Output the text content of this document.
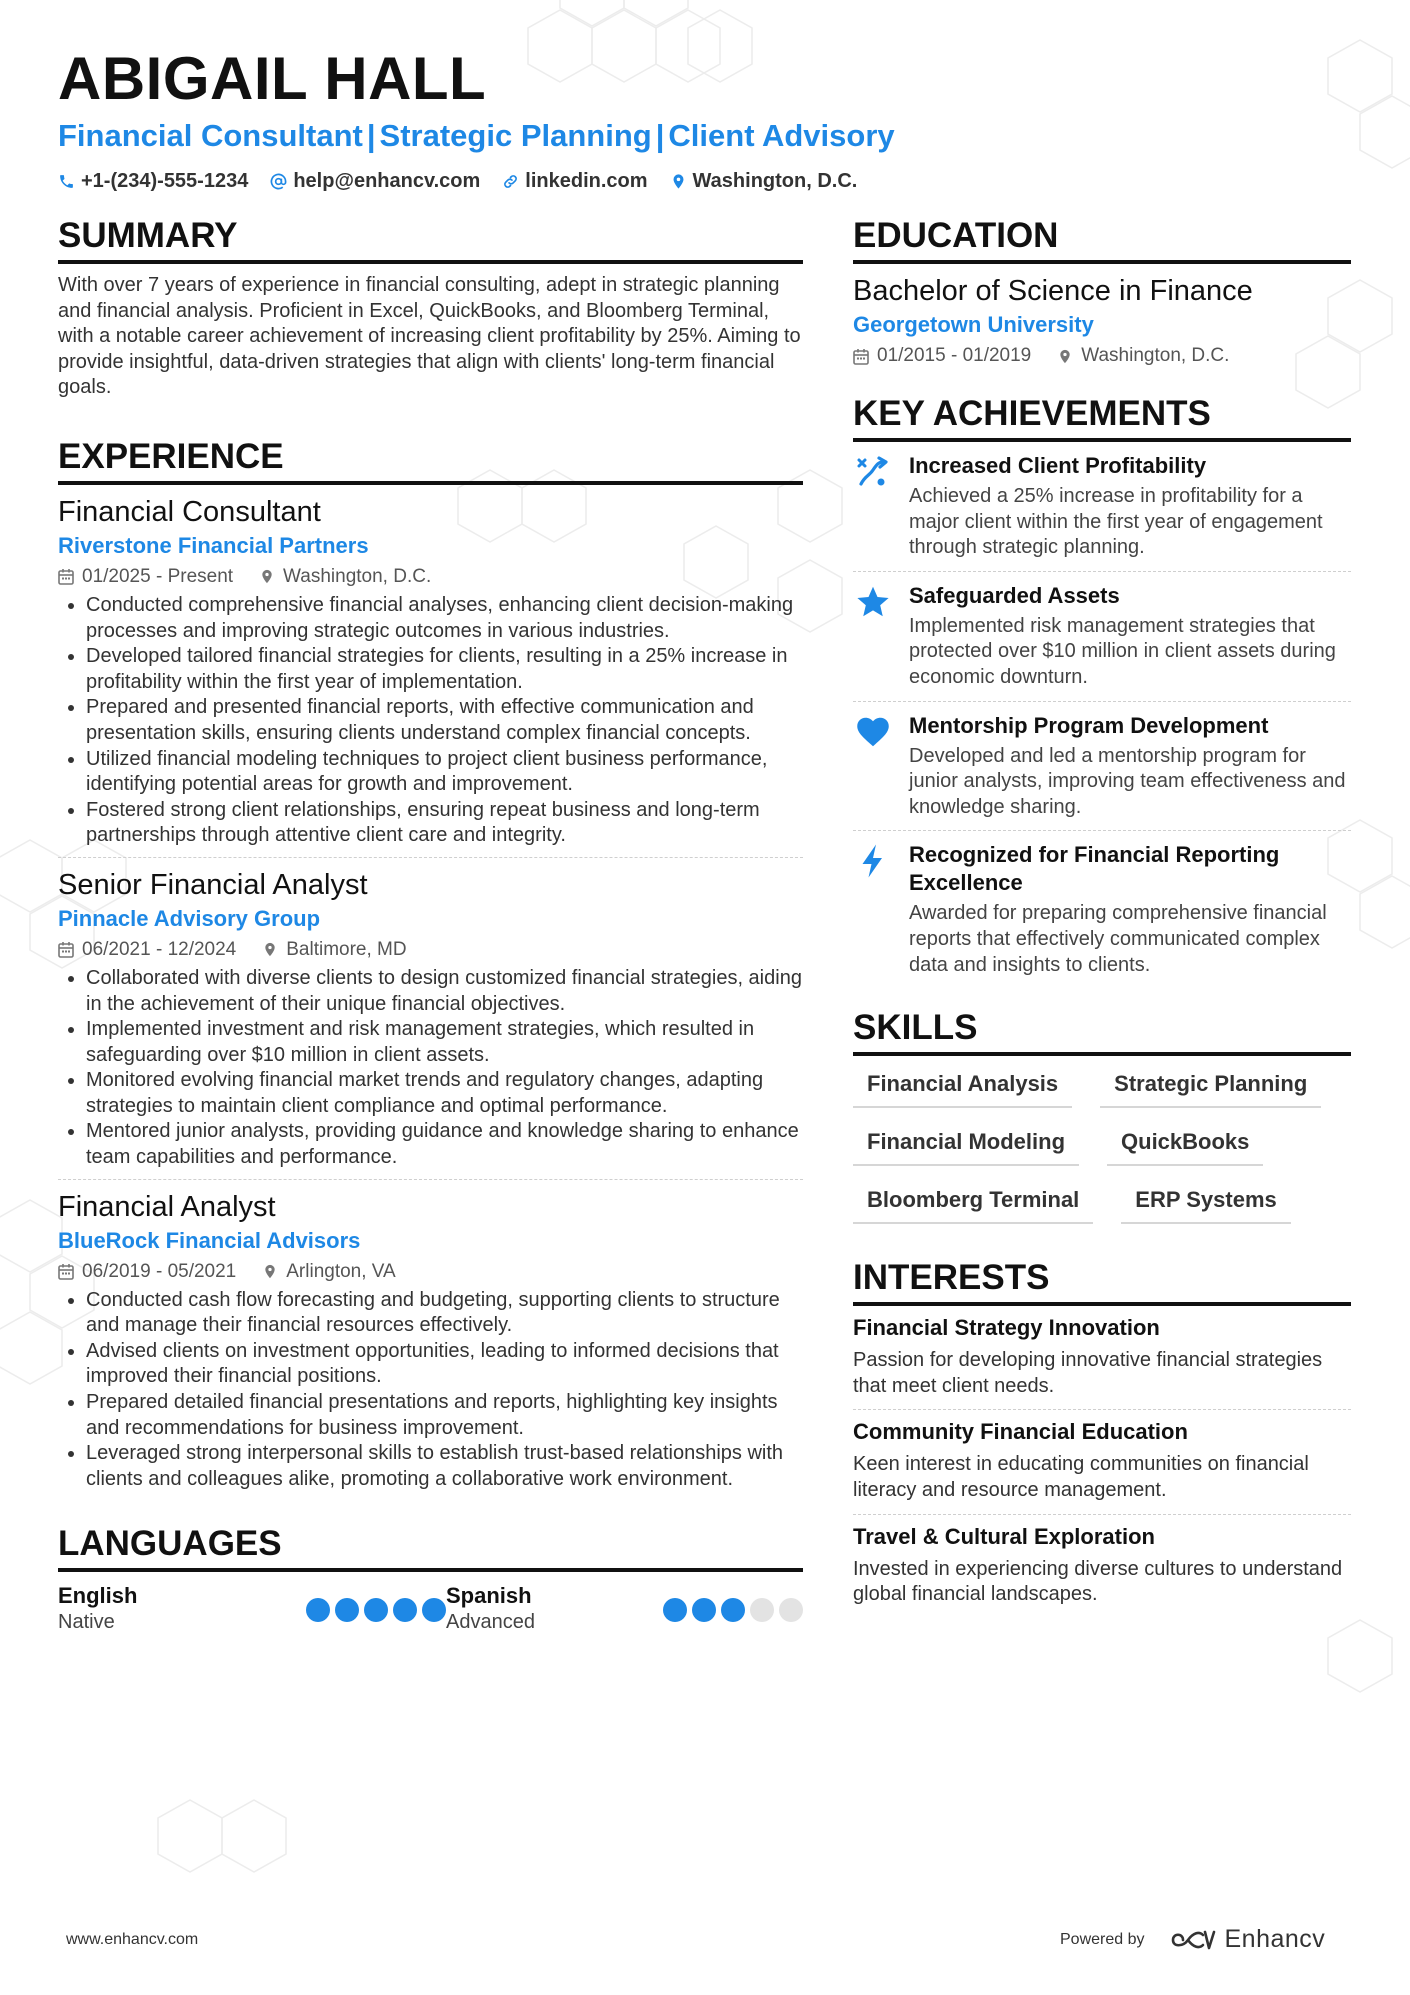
ABIGAIL HALL
Financial Consultant | Strategic Planning | Client Advisory
+1-(234)-555-1234 help@enhancv.com linkedin.com Washington, D.C.
SUMMARY

With over 7 years of experience in financial consulting, adept in strategic planning and financial analysis. Proficient in Excel, QuickBooks, and Bloomberg Terminal, with a notable career achievement of increasing client profitability by 25%. Aiming to provide insightful, data-driven strategies that align with clients' long-term financial goals.

EXPERIENCE

Financial Consultant

Riverstone Financial Partners

01/2025 - Present	Washington, D.C.
• Conducted comprehensive financial analyses, enhancing client decision-making processes and improving strategic outcomes in various industries.
• Developed tailored financial strategies for clients, resulting in a 25% increase in profitability within the first year of implementation.
• Prepared and presented financial reports, with effective communication and presentation skills, ensuring clients understand complex financial concepts.
• Utilized financial modeling techniques to project client business performance, identifying potential areas for growth and improvement.
• Fostered strong client relationships, ensuring repeat business and long-term partnerships through attentive client care and integrity.

Senior Financial Analyst

Pinnacle Advisory Group

06/2021 - 12/2024	Baltimore, MD
• Collaborated with diverse clients to design customized financial strategies, aiding in the achievement of their unique financial objectives.
• Implemented investment and risk management strategies, which resulted in safeguarding over $10 million in client assets.
• Monitored evolving financial market trends and regulatory changes, adapting strategies to maintain client compliance and optimal performance.
• Mentored junior analysts, providing guidance and knowledge sharing to enhance team capabilities and performance.

Financial Analyst

BlueRock Financial Advisors

06/2019 - 05/2021	Arlington, VA
• Conducted cash flow forecasting and budgeting, supporting clients to structure and manage their financial resources effectively.
• Advised clients on investment opportunities, leading to informed decisions that improved their financial positions.
• Prepared detailed financial presentations and reports, highlighting key insights and recommendations for business improvement.
• Leveraged strong interpersonal skills to establish trust-based relationships with clients and colleagues alike, promoting a collaborative work environment.
LANGUAGES
English
Native
Spanish
Advanced
EDUCATION

Bachelor of Science in Finance

Georgetown University

01/2015 - 01/2019	Washington, D.C.
KEY ACHIEVEMENTS

Increased Client Profitability

Achieved a 25% increase in profitability for a major client within the first year of engagement through strategic planning.

Safeguarded Assets

Implemented risk management strategies that protected over $10 million in client assets during economic downturn.

Mentorship Program Development

Developed and led a mentorship program for junior analysts, improving team effectiveness and knowledge sharing.

Recognized for Financial Reporting Excellence

Awarded for preparing comprehensive financial reports that effectively communicated complex data and insights to clients.

SKILLS
Financial Analysis	Strategic Planning
Financial Modeling	QuickBooks
Bloomberg Terminal	ERP Systems
INTERESTS

Financial Strategy Innovation

Passion for developing innovative financial strategies that meet client needs.

Community Financial Education

Keen interest in educating communities on financial literacy and resource management.

Travel & Cultural Exploration

Invested in experiencing diverse cultures to understand global financial landscapes.

www.enhancv.com	Powered by	Enhancv
